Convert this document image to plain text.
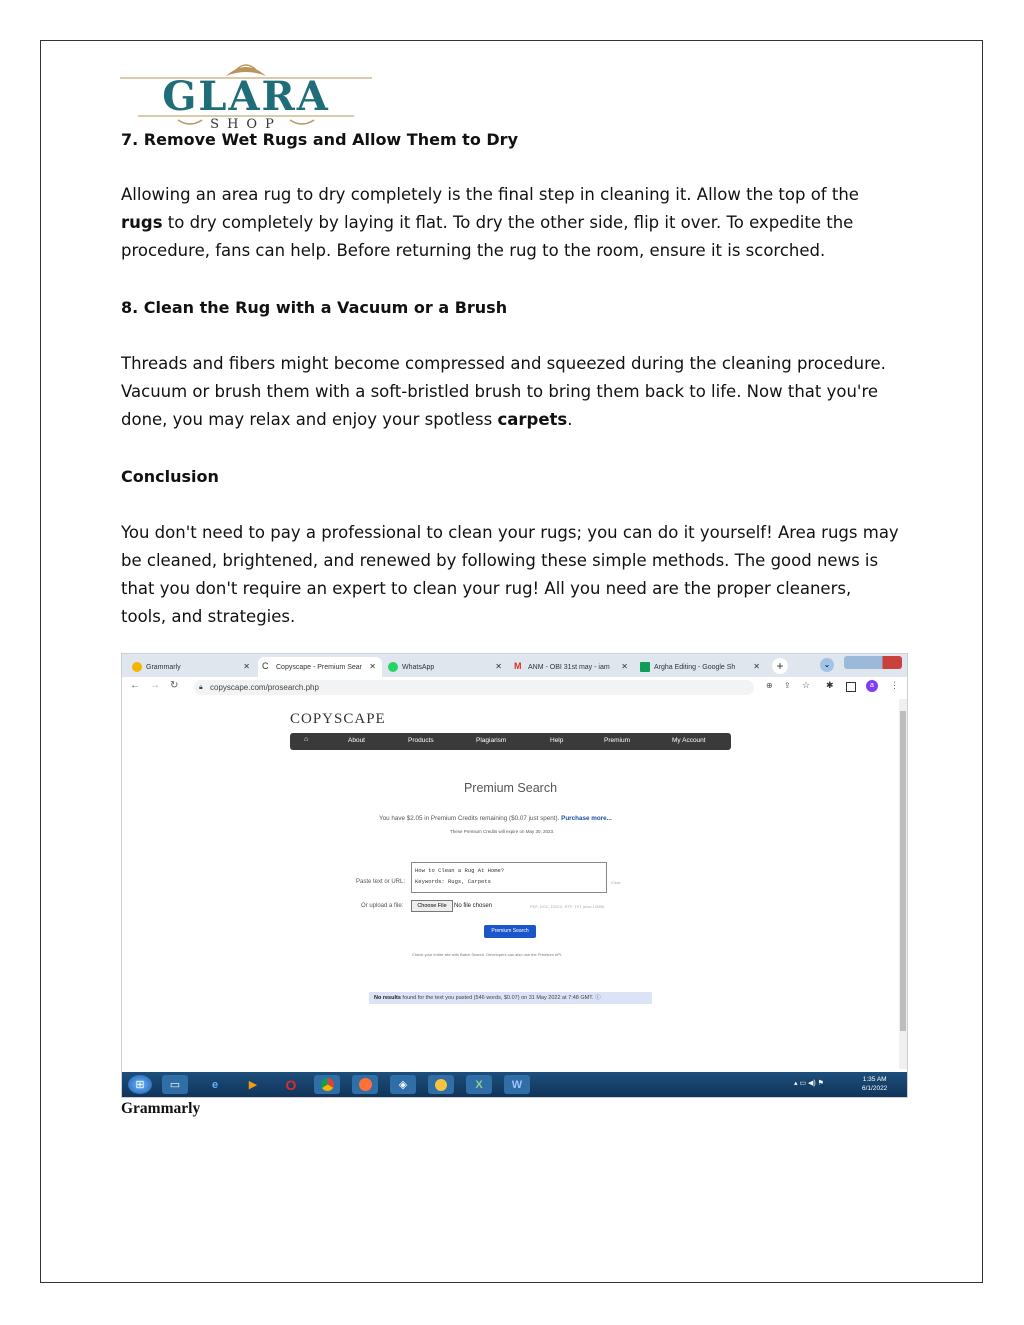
GLARA
SHOP
7. Remove Wet Rugs and Allow Them to Dry
Allowing an area rug to dry completely is the final step in cleaning it. Allow the top of the rugs to dry completely by laying it flat. To dry the other side, flip it over. To expedite the procedure, fans can help. Before returning the rug to the room, ensure it is scorched.
8. Clean the Rug with a Vacuum or a Brush
Threads and fibers might become compressed and squeezed during the cleaning procedure. Vacuum or brush them with a soft-bristled brush to bring them back to life. Now that you're done, you may relax and enjoy your spotless carpets.
Conclusion
You don't need to pay a professional to clean your rugs; you can do it yourself! Area rugs may be cleaned, brightened, and renewed by following these simple methods. The good news is that you don't require an expert to clean your rug! All you need are the proper cleaners, tools, and strategies.
Grammarly	✕ C	Copyscape - Premium Sear ✕	WhatsApp	✕ M ANM - OBI 31st may - iam ✕	Argha Editing - Google Sh ✕	+	⌄
← → ↻	🔒︎ copyscape.com/prosearch.php	⊕ ⇪ ☆ ✱	a	⋮
COPYSCAPE
⌂	About	Products	Plagiarism	Help	Premium	My Account
Premium Search
You have $2.05 in Premium Credits remaining ($0.07 just spent). Purchase more...
These Premium Credits will expire on May 30, 2023.
Paste text or URL:
How to Clean a Rug At Home?
Keywords: Rugs, Carpets	Clear
Or upload a file:	Choose File	No file chosen	PDF, DOC, DOCX, RTF, TXT (max 10MB)
Premium Search
Check your entire site with Batch Search. Developers can also use the Premium API.
No results found for the text you pasted (546 words, $0.07) on 31 May 2022 at 7:48 GMT. ⓘ
⊞	▭	e	▶ O	◈	X	W	▴ ▭ ◀) ⚑
1:35 AM
6/1/2022
Grammarly
